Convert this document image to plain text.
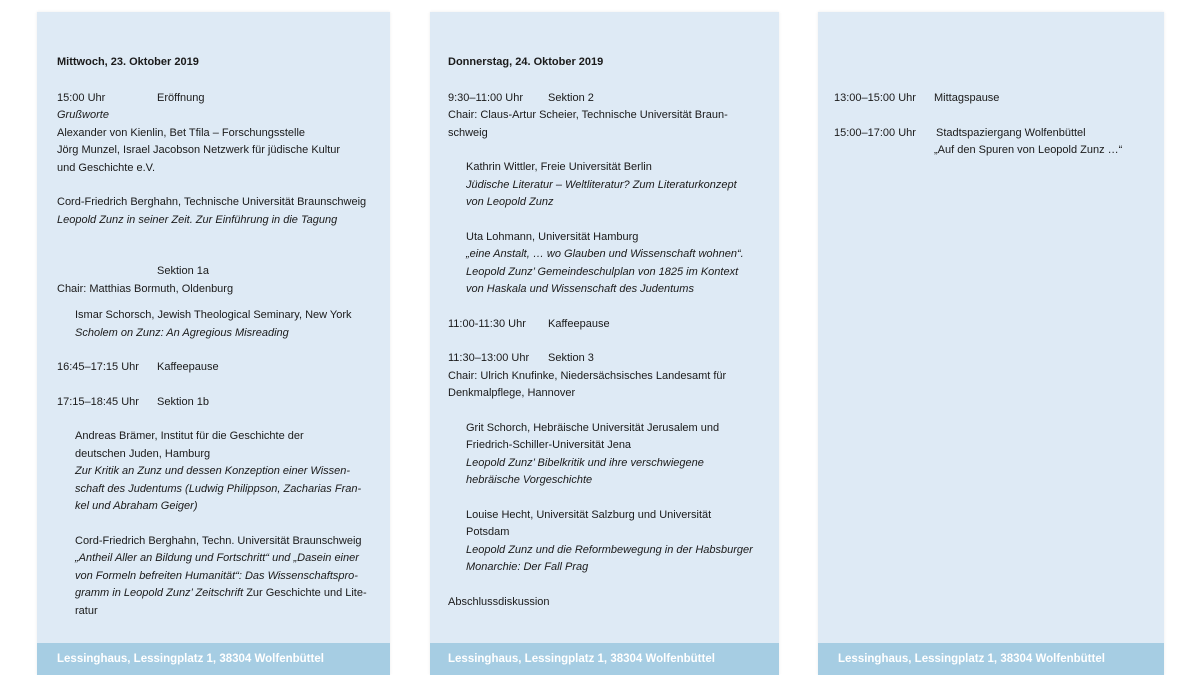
Mittwoch, 23. Oktober 2019
15:00 Uhr	Eröffnung
Grußworte
Alexander von Kienlin, Bet Tfila – Forschungsstelle
Jörg Munzel, Israel Jacobson Netzwerk für jüdische Kultur
und Geschichte e.V.
Cord-Friedrich Berghahn, Technische Universität Braunschweig
Leopold Zunz in seiner Zeit. Zur Einführung in die Tagung
Sektion 1a
Chair: Matthias Bormuth, Oldenburg
Ismar Schorsch, Jewish Theological Seminary, New York
Scholem on Zunz: An Agregious Misreading
16:45–17:15 Uhr Kaffeepause
17:15–18:45 Uhr Sektion 1b
Andreas Brämer, Institut für die Geschichte der
deutschen Juden, Hamburg
Zur Kritik an Zunz und dessen Konzeption einer Wissen-
schaft des Judentums (Ludwig Philippson, Zacharias Fran-
kel und Abraham Geiger)
Cord-Friedrich Berghahn, Techn. Universität Braunschweig
„Antheil Aller an Bildung und Fortschritt“ und „Dasein einer
von Formeln befreiten Humanität“: Das Wissenschaftspro-
gramm in Leopold Zunz’ Zeitschrift Zur Geschichte und Lite-
ratur
Lessinghaus, Lessingplatz 1, 38304 Wolfenbüttel
Donnerstag, 24. Oktober 2019
9:30–11:00 Uhr Sektion 2
Chair: Claus-Artur Scheier, Technische Universität Braun-
schweig
Kathrin Wittler, Freie Universität Berlin
Jüdische Literatur – Weltliteratur? Zum Literaturkonzept
von Leopold Zunz
Uta Lohmann, Universität Hamburg
„eine Anstalt, … wo Glauben und Wissenschaft wohnen“.
Leopold Zunz’ Gemeindeschulplan von 1825 im Kontext
von Haskala und Wissenschaft des Judentums
11:00-11:30 Uhr Kaffeepause
11:30–13:00 Uhr Sektion 3
Chair: Ulrich Knufinke, Niedersächsisches Landesamt für
Denkmalpflege, Hannover
Grit Schorch, Hebräische Universität Jerusalem und
Friedrich-Schiller-Universität Jena
Leopold Zunz’ Bibelkritik und ihre verschwiegene
hebräische Vorgeschichte
Louise Hecht, Universität Salzburg und Universität
Potsdam
Leopold Zunz und die Reformbewegung in der Habsburger
Monarchie: Der Fall Prag
Abschlussdiskussion
Lessinghaus, Lessingplatz 1, 38304 Wolfenbüttel
13:00–15:00 Uhr Mittagspause
15:00–17:00 Uhr Stadtspaziergang Wolfenbüttel
„Auf den Spuren von Leopold Zunz …“
Lessinghaus, Lessingplatz 1, 38304 Wolfenbüttel
